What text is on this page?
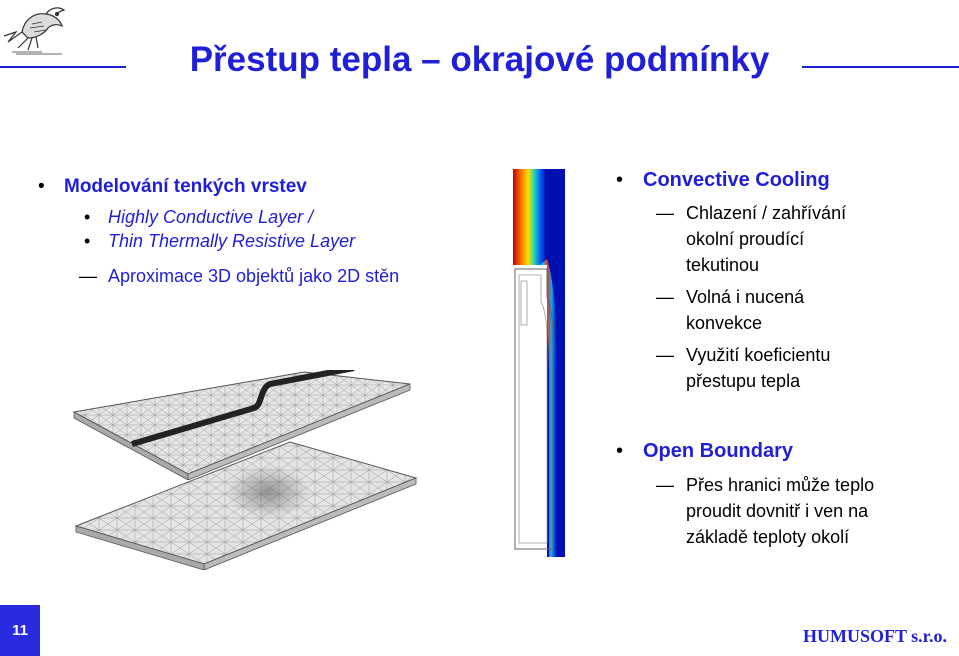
Přestup tepla – okrajové podmínky
• Modelování tenkých vrstev
• Highly Conductive Layer /
• Thin Thermally Resistive Layer
— Aproximace 3D objektů jako 2D stěn
• Convective Cooling
— Chlazení / zahřívání
okolní proudící
tekutinou
— Volná i nucená
konvekce
— Využití koeficientu
přestupu tepla
• Open Boundary
— Přes hranici může teplo
proudit dovnitř i ven na
základě teploty okolí
11	HUMUSOFT s.r.o.
